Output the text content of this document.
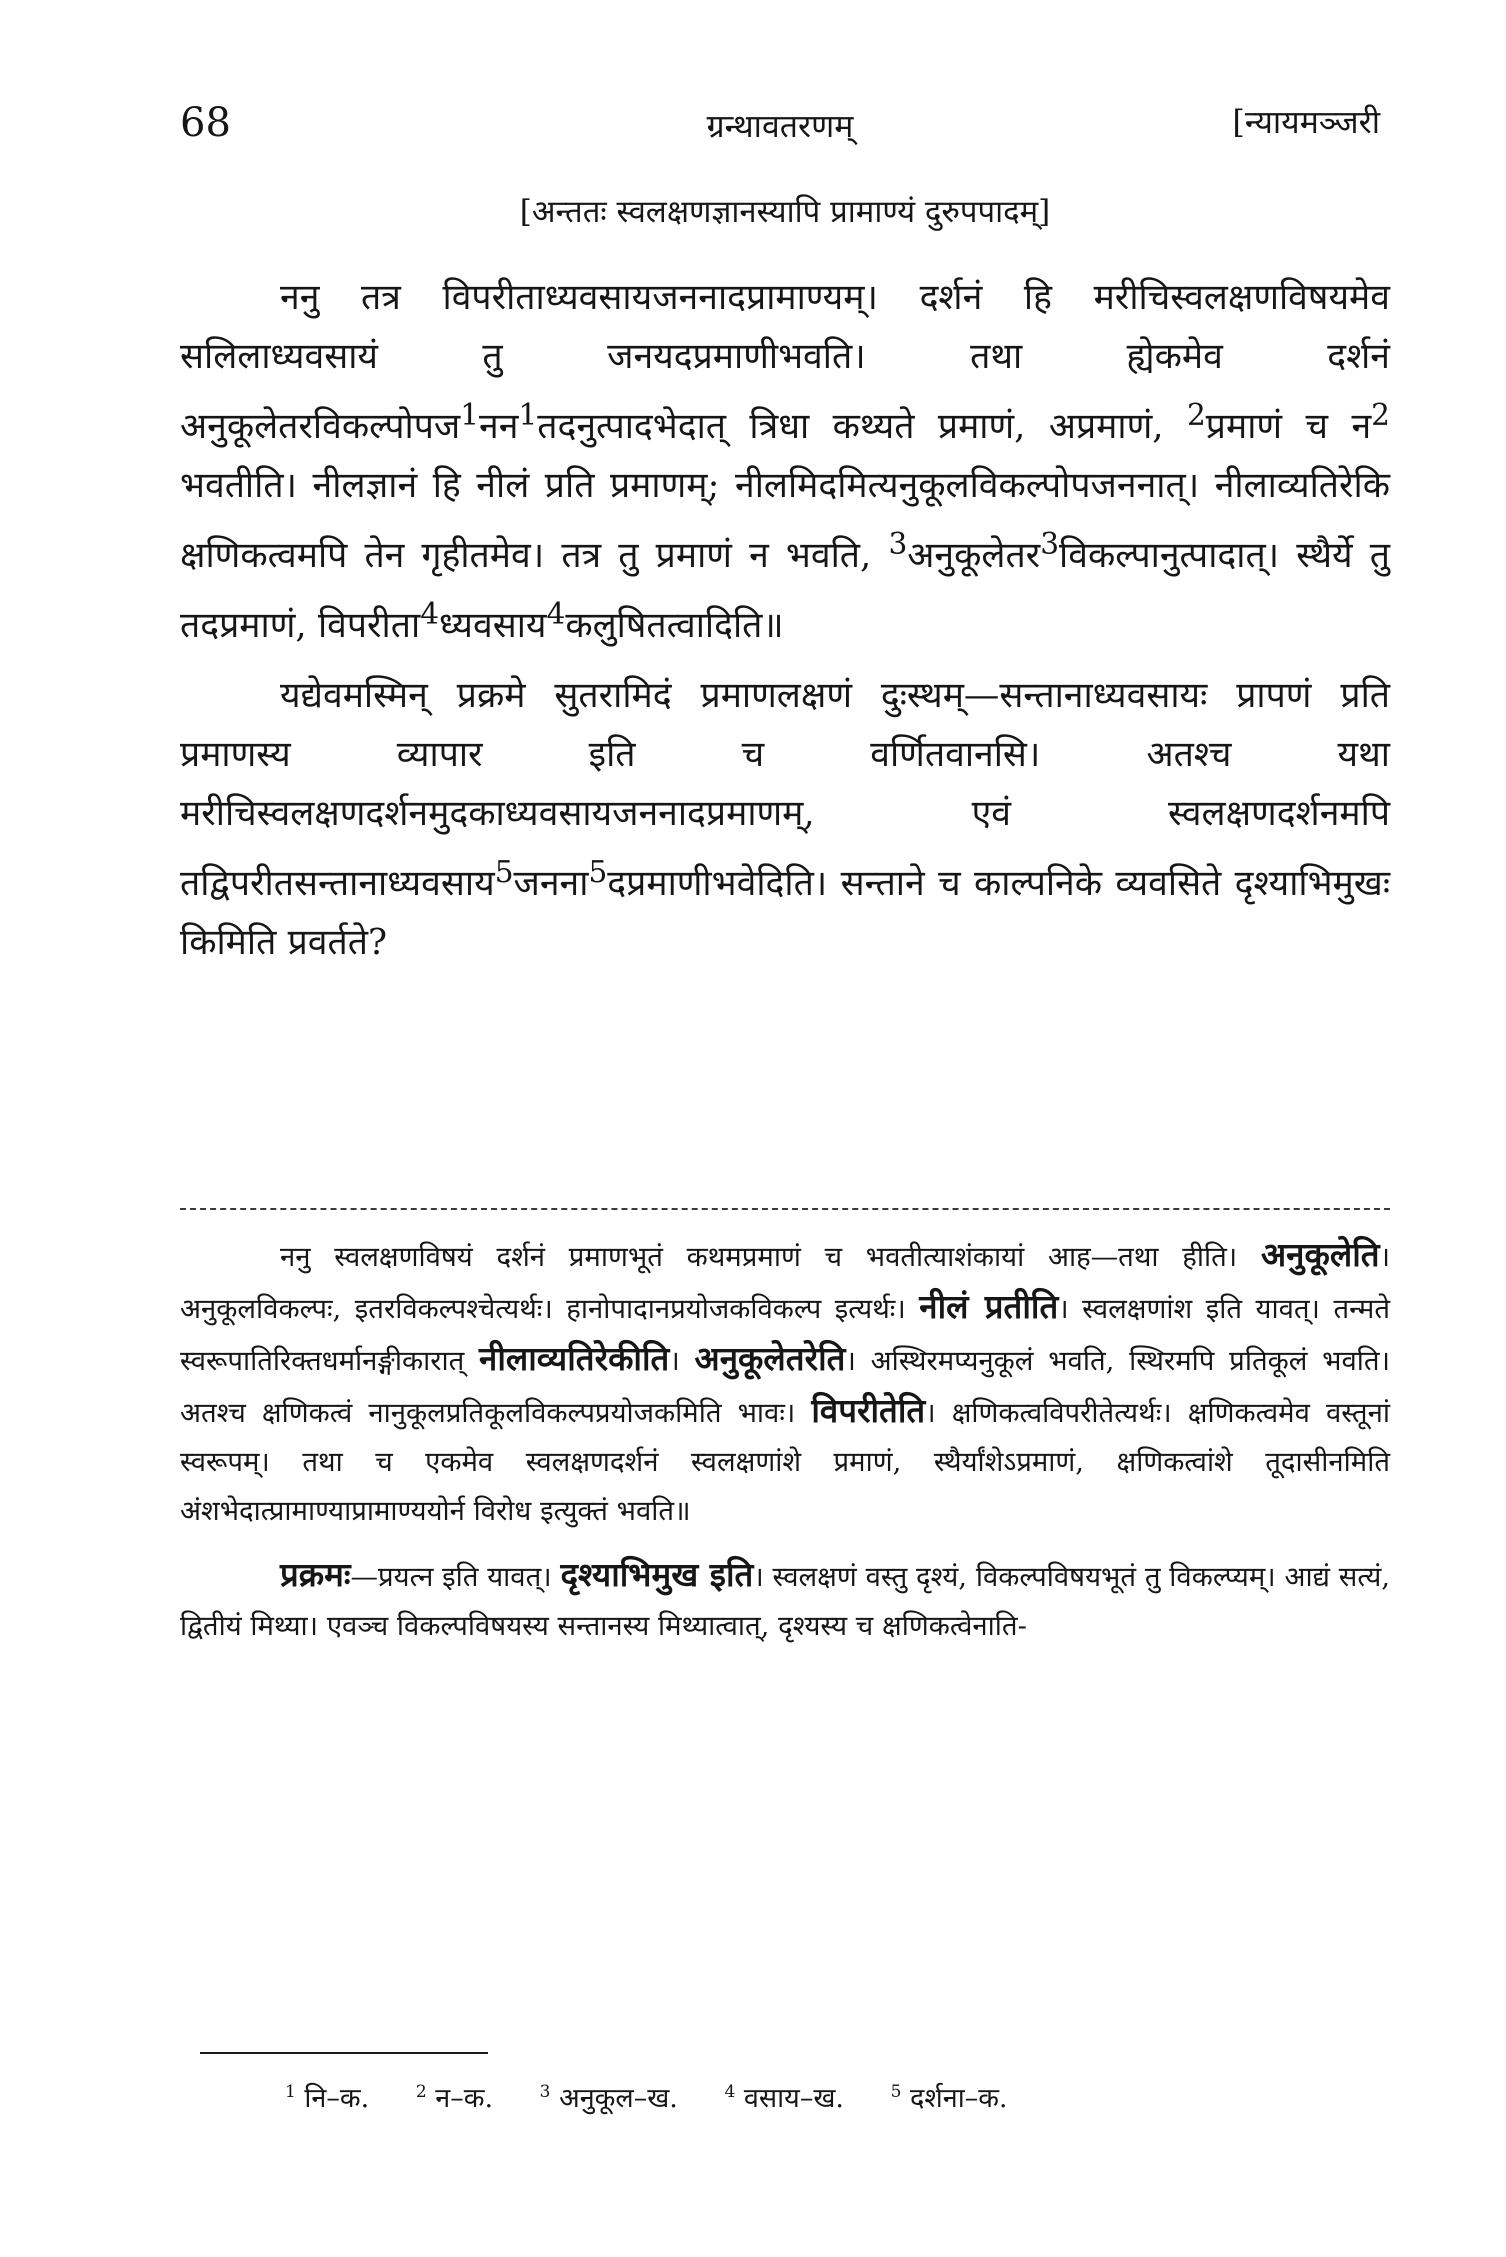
68	ग्रन्थावतरणम्	[न्यायमञ्जरी
[अन्ततः स्वलक्षणज्ञानस्यापि प्रामाण्यं दुरुपपादम्]

ननु तत्र विपरीताध्यवसायजननादप्रामाण्यम्। दर्शनं हि मरीचिस्वलक्षणविषयमेव सलिलाध्यवसायं तु जनयदप्रमाणीभवति। तथा ह्येकमेव दर्शनं अनुकूलेतरविकल्पोपज$^1$नन$^1$तदनुत्पादभेदात् त्रिधा कथ्यते प्रमाणं, अप्रमाणं, $^2$प्रमाणं च न$^2$ भवतीति। नीलज्ञानं हि नीलं प्रति प्रमाणम्; नीलमिदमित्यनुकूलविकल्पोपजननात्। नीलाव्यतिरेकि क्षणिकत्वमपि तेन गृहीतमेव। तत्र तु प्रमाणं न भवति, $^3$अनुकूलेतर$^3$विकल्पानुत्पादात्। स्थैर्ये तु तदप्रमाणं, विपरीता$^4$ध्यवसाय$^4$कलुषितत्वादिति॥

यद्येवमस्मिन् प्रक्रमे सुतरामिदं प्रमाणलक्षणं दुःस्थम्—सन्तानाध्यवसायः प्रापणं प्रति प्रमाणस्य व्यापार इति च वर्णितवानसि। अतश्च यथा मरीचिस्वलक्षणदर्शनमुदकाध्यवसायजननादप्रमाणम्, एवं स्वलक्षणदर्शनमपि तद्विपरीतसन्तानाध्यवसाय$^5$जनना$^5$दप्रमाणीभवेदिति। सन्ताने च काल्पनिके व्यवसिते दृश्याभिमुखः किमिति प्रवर्तते?

ननु स्वलक्षणविषयं दर्शनं प्रमाणभूतं कथमप्रमाणं च भवतीत्याशंकायां आह—तथा हीति। अनुकूलेति। अनुकूलविकल्पः, इतरविकल्पश्चेत्यर्थः। हानोपादानप्रयोजकविकल्प इत्यर्थः। नीलं प्रतीति। स्वलक्षणांश इति यावत्। तन्मते स्वरूपातिरिक्तधर्मानङ्गीकारात् नीलाव्यतिरेकीति। अनुकूलेतरेति। अस्थिरमप्यनुकूलं भवति, स्थिरमपि प्रतिकूलं भवति। अतश्च क्षणिकत्वं नानुकूलप्रतिकूलविकल्पप्रयोजकमिति भावः। विपरीतेति। क्षणिकत्वविपरीतेत्यर्थः। क्षणिकत्वमेव वस्तूनां स्वरूपम्। तथा च एकमेव स्वलक्षणदर्शनं स्वलक्षणांशे प्रमाणं, स्थैर्यांशेऽप्रमाणं, क्षणिकत्वांशे तूदासीनमिति अंशभेदात्प्रामाण्याप्रामाण्ययोर्न विरोध इत्युक्तं भवति॥

प्रक्रमः—प्रयत्न इति यावत्। दृश्याभिमुख इति। स्वलक्षणं वस्तु दृश्यं, विकल्पविषयभूतं तु विकल्प्यम्। आद्यं सत्यं, द्वितीयं मिथ्या। एवञ्च विकल्पविषयस्य सन्तानस्य मिथ्यात्वात्, दृश्यस्य च क्षणिकत्वेनाति-

$^1$ नि–क.	$^2$ न–क.	$^3$ अनुकूल–ख.	$^4$ वसाय–ख.	$^5$ दर्शना–क.
